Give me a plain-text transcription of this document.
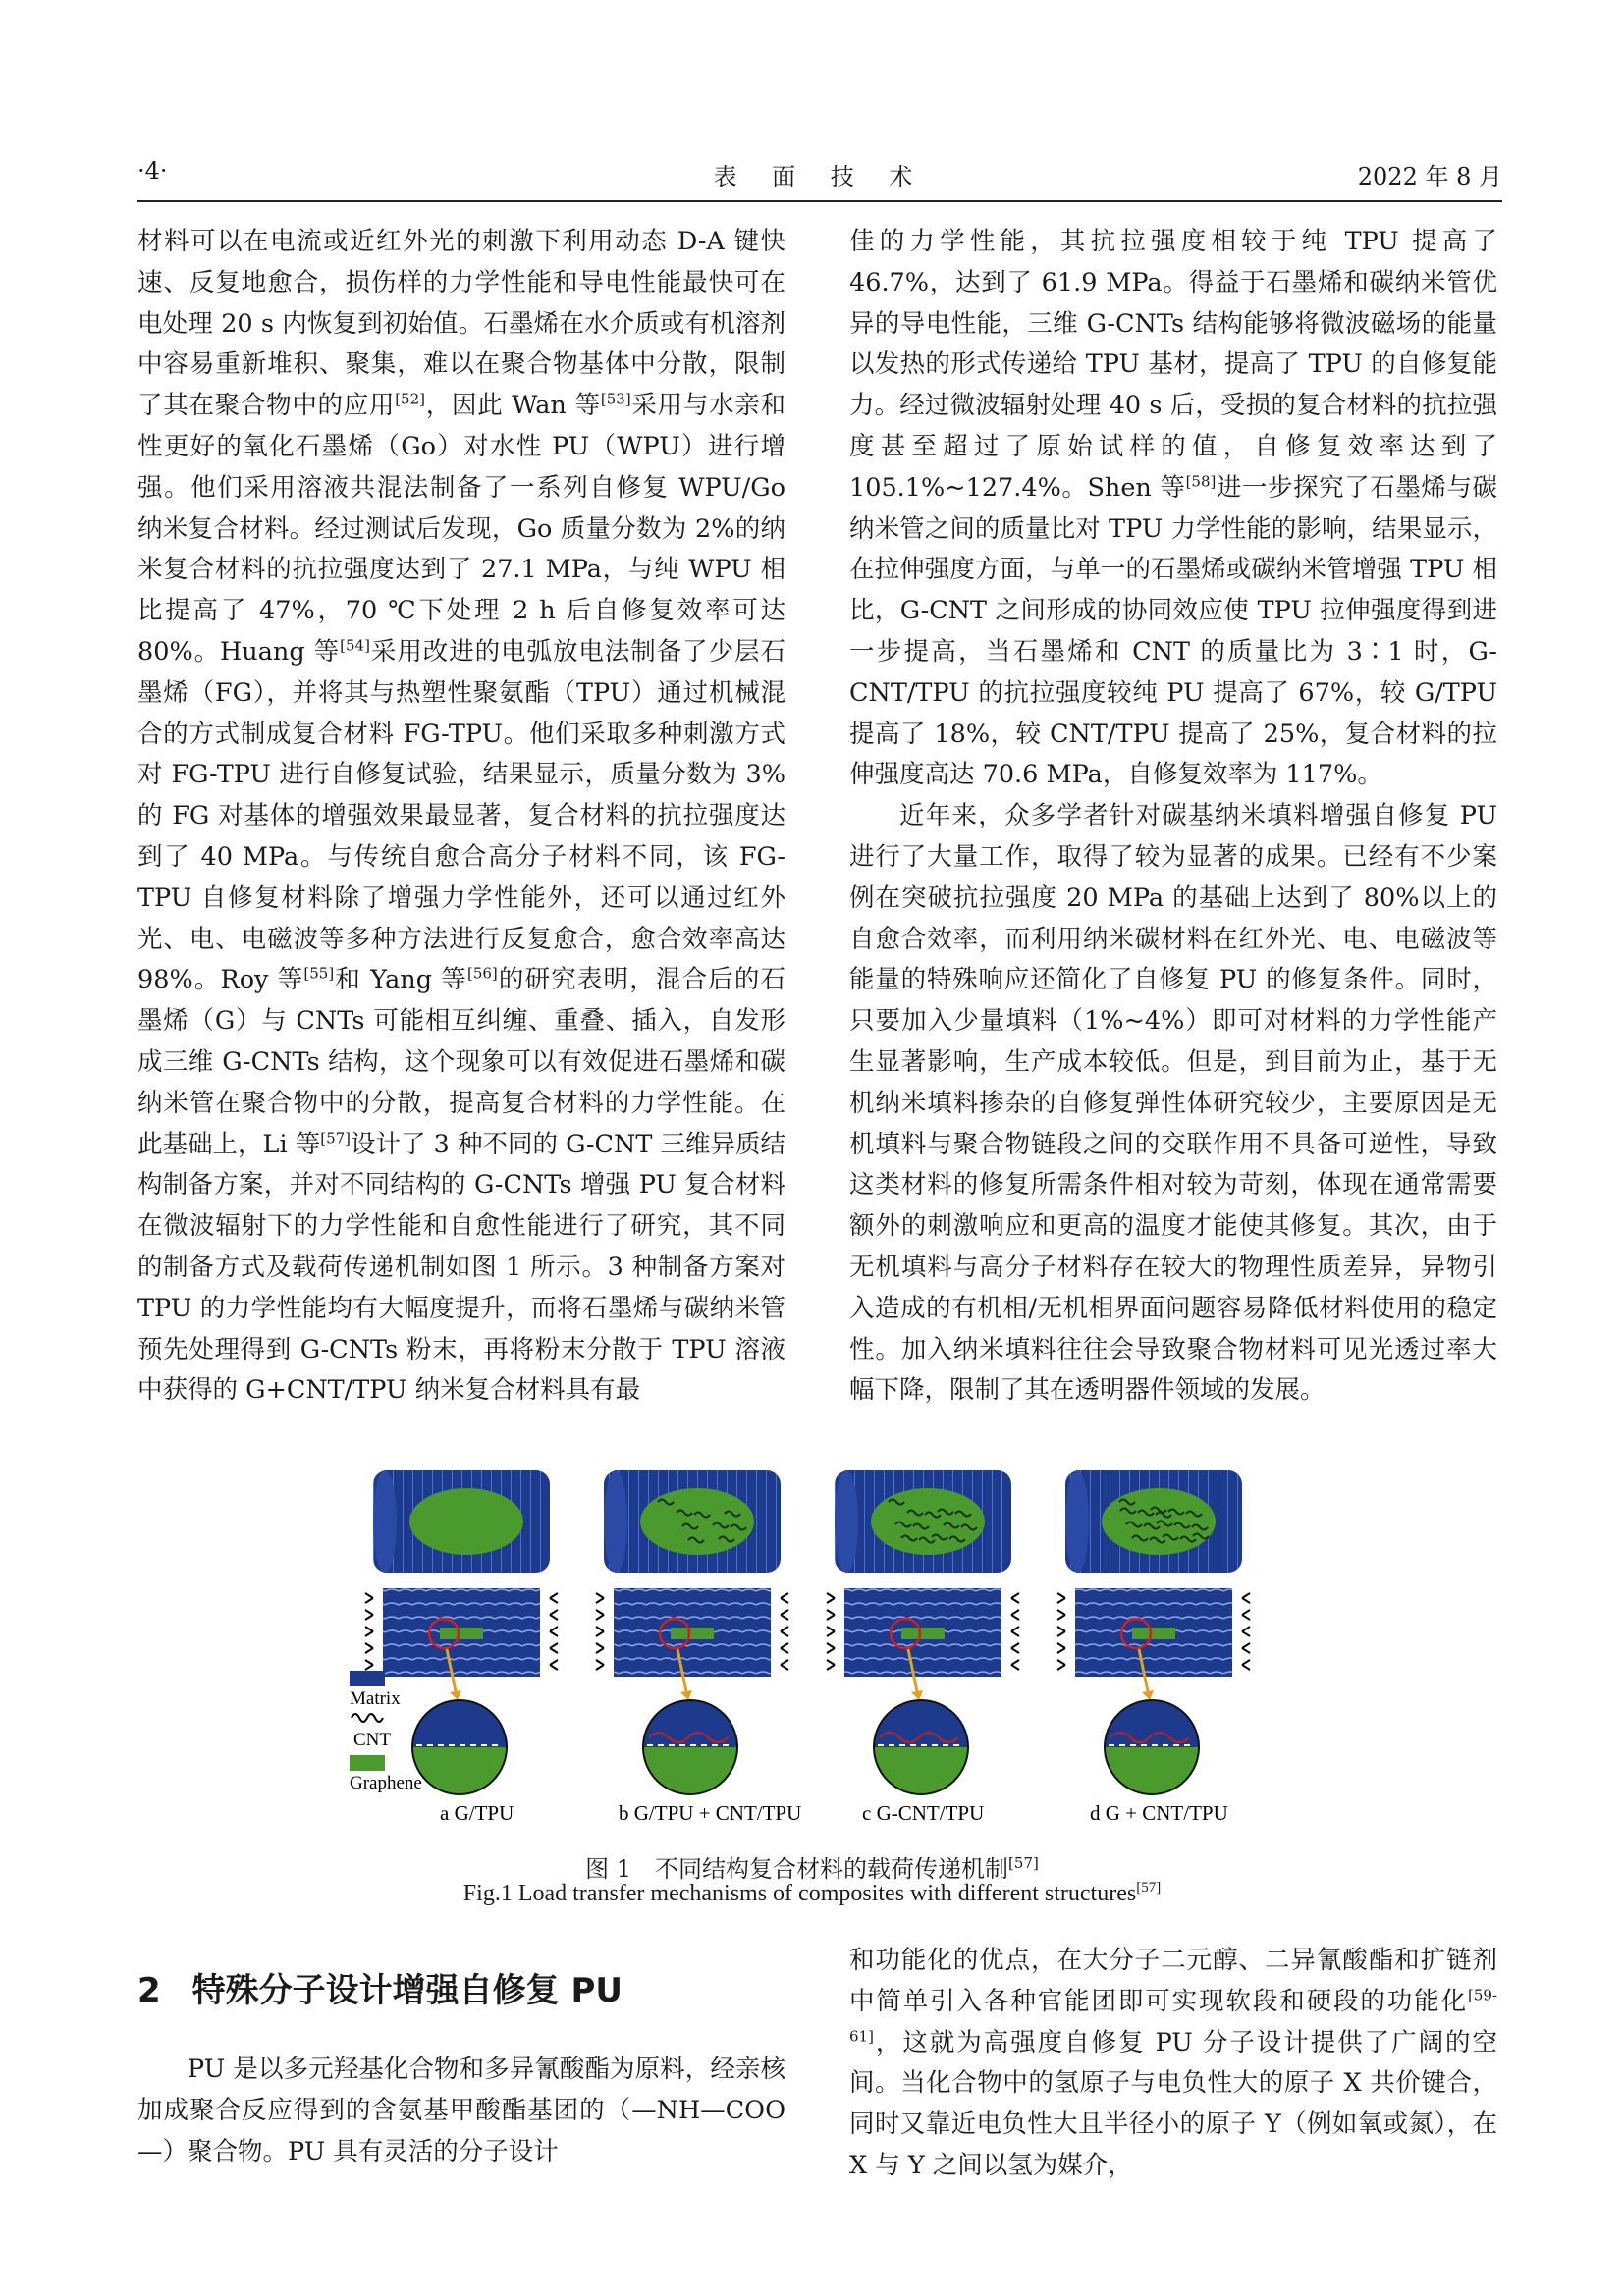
·4·	表 面 技 术	2022 年 8 月

材料可以在电流或近红外光的刺激下利用动态 D-A 键快速、反复地愈合，损伤样的力学性能和导电性能最快可在电处理 20 s 内恢复到初始值。石墨烯在水介质或有机溶剂中容易重新堆积、聚集，难以在聚合物基体中分散，限制了其在聚合物中的应用[52]，因此 Wan 等[53]采用与水亲和性更好的氧化石墨烯（Go）对水性 PU（WPU）进行增强。他们采用溶液共混法制备了一系列自修复 WPU/Go 纳米复合材料。经过测试后发现，Go 质量分数为 2%的纳米复合材料的抗拉强度达到了 27.1 MPa，与纯 WPU 相比提高了 47%，70 ℃下处理 2 h 后自修复效率可达 80%。Huang 等[54]采用改进的电弧放电法制备了少层石墨烯（FG），并将其与热塑性聚氨酯（TPU）通过机械混合的方式制成复合材料 FG-TPU。他们采取多种刺激方式对 FG-TPU 进行自修复试验，结果显示，质量分数为 3%的 FG 对基体的增强效果最显著，复合材料的抗拉强度达到了 40 MPa。与传统自愈合高分子材料不同，该 FG-TPU 自修复材料除了增强力学性能外，还可以通过红外光、电、电磁波等多种方法进行反复愈合，愈合效率高达 98%。Roy 等[55]和 Yang 等[56]的研究表明，混合后的石墨烯（G）与 CNTs 可能相互纠缠、重叠、插入，自发形成三维 G-CNTs 结构，这个现象可以有效促进石墨烯和碳纳米管在聚合物中的分散，提高复合材料的力学性能。在此基础上，Li 等[57]设计了 3 种不同的 G-CNT 三维异质结构制备方案，并对不同结构的 G-CNTs 增强 PU 复合材料在微波辐射下的力学性能和自愈性能进行了研究，其不同的制备方式及载荷传递机制如图 1 所示。3 种制备方案对 TPU 的力学性能均有大幅度提升，而将石墨烯与碳纳米管预先处理得到 G-CNTs 粉末，再将粉末分散于 TPU 溶液中获得的 G+CNT/TPU 纳米复合材料具有最

佳的力学性能，其抗拉强度相较于纯 TPU 提高了 46.7%，达到了 61.9 MPa。得益于石墨烯和碳纳米管优异的导电性能，三维 G-CNTs 结构能够将微波磁场的能量以发热的形式传递给 TPU 基材，提高了 TPU 的自修复能力。经过微波辐射处理 40 s 后，受损的复合材料的抗拉强度甚至超过了原始试样的值，自修复效率达到了 105.1%~127.4%。Shen 等[58]进一步探究了石墨烯与碳纳米管之间的质量比对 TPU 力学性能的影响，结果显示，在拉伸强度方面，与单一的石墨烯或碳纳米管增强 TPU 相比，G-CNT 之间形成的协同效应使 TPU 拉伸强度得到进一步提高，当石墨烯和 CNT 的质量比为 3∶1 时，G-CNT/TPU 的抗拉强度较纯 PU 提高了 67%，较 G/TPU 提高了 18%，较 CNT/TPU 提高了 25%，复合材料的拉伸强度高达 70.6 MPa，自修复效率为 117%。

近年来，众多学者针对碳基纳米填料增强自修复 PU 进行了大量工作，取得了较为显著的成果。已经有不少案例在突破抗拉强度 20 MPa 的基础上达到了 80%以上的自愈合效率，而利用纳米碳材料在红外光、电、电磁波等能量的特殊响应还简化了自修复 PU 的修复条件。同时，只要加入少量填料（1%~4%）即可对材料的力学性能产生显著影响，生产成本较低。但是，到目前为止，基于无机纳米填料掺杂的自修复弹性体研究较少，主要原因是无机填料与聚合物链段之间的交联作用不具备可逆性，导致这类材料的修复所需条件相对较为苛刻，体现在通常需要额外的刺激响应和更高的温度才能使其修复。其次，由于无机填料与高分子材料存在较大的物理性质差异，异物引入造成的有机相/无机相界面问题容易降低材料使用的稳定性。加入纳米填料往往会导致聚合物材料可见光透过率大幅下降，限制了其在透明器件领域的发展。

Matrix
CNT
Graphene
a G/TPU	b G/TPU + CNT/TPU	c G-CNT/TPU	d G + CNT/TPU
图 1　不同结构复合材料的载荷传递机制[57]
Fig.1 Load transfer mechanisms of composites with different structures[57]
2 特殊分子设计增强自修复 PU

PU 是以多元羟基化合物和多异氰酸酯为原料，经亲核加成聚合反应得到的含氨基甲酸酯基团的（—NH—COO—）聚合物。PU 具有灵活的分子设计

和功能化的优点，在大分子二元醇、二异氰酸酯和扩链剂中简单引入各种官能团即可实现软段和硬段的功能化[59-61]，这就为高强度自修复 PU 分子设计提供了广阔的空间。当化合物中的氢原子与电负性大的原子 X 共价键合，同时又靠近电负性大且半径小的原子 Y（例如氧或氮），在 X 与 Y 之间以氢为媒介，
